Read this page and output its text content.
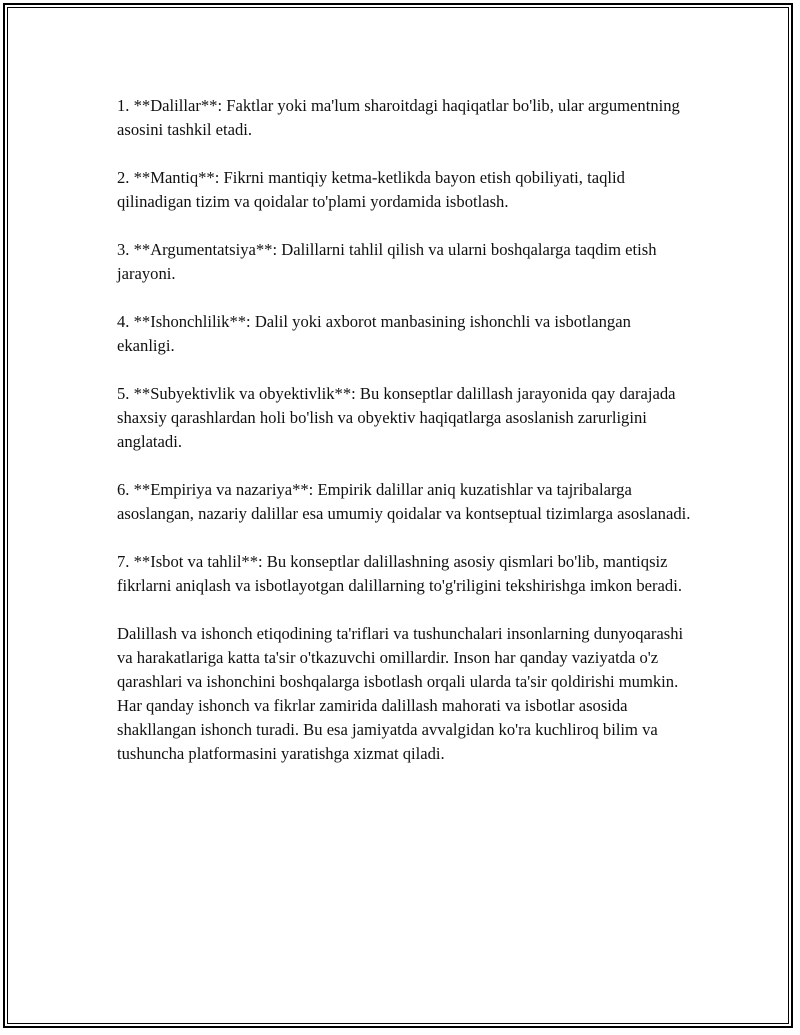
1. **Dalillar**: Faktlar yoki ma'lum sharoitdagi haqiqatlar bo'lib, ular argumentning asosini tashkil etadi.

2. **Mantiq**: Fikrni mantiqiy ketma-ketlikda bayon etish qobiliyati, taqlid qilinadigan tizim va qoidalar to'plami yordamida isbotlash.

3. **Argumentatsiya**: Dalillarni tahlil qilish va ularni boshqalarga taqdim etish jarayoni.

4. **Ishonchlilik**: Dalil yoki axborot manbasining ishonchli va isbotlangan ekanligi.

5. **Subyektivlik va obyektivlik**: Bu konseptlar dalillash jarayonida qay darajada shaxsiy qarashlardan holi bo'lish va obyektiv haqiqatlarga asoslanish zarurligini anglatadi.

6. **Empiriya va nazariya**: Empirik dalillar aniq kuzatishlar va tajribalarga asoslangan, nazariy dalillar esa umumiy qoidalar va kontseptual tizimlarga asoslanadi.

7. **Isbot va tahlil**: Bu konseptlar dalillashning asosiy qismlari bo'lib, mantiqsiz fikrlarni aniqlash va isbotlayotgan dalillarning to'g'riligini tekshirishga imkon beradi.

Dalillash va ishonch etiqodining ta'riflari va tushunchalari insonlarning dunyoqarashi va harakatlariga katta ta'sir o'tkazuvchi omillardir. Inson har qanday vaziyatda o'z qarashlari va ishonchini boshqalarga isbotlash orqali ularda ta'sir qoldirishi mumkin. Har qanday ishonch va fikrlar zamirida dalillash mahorati va isbotlar asosida shakllangan ishonch turadi. Bu esa jamiyatda avvalgidan ko'ra kuchliroq bilim va tushuncha platformasini yaratishga xizmat qiladi.
